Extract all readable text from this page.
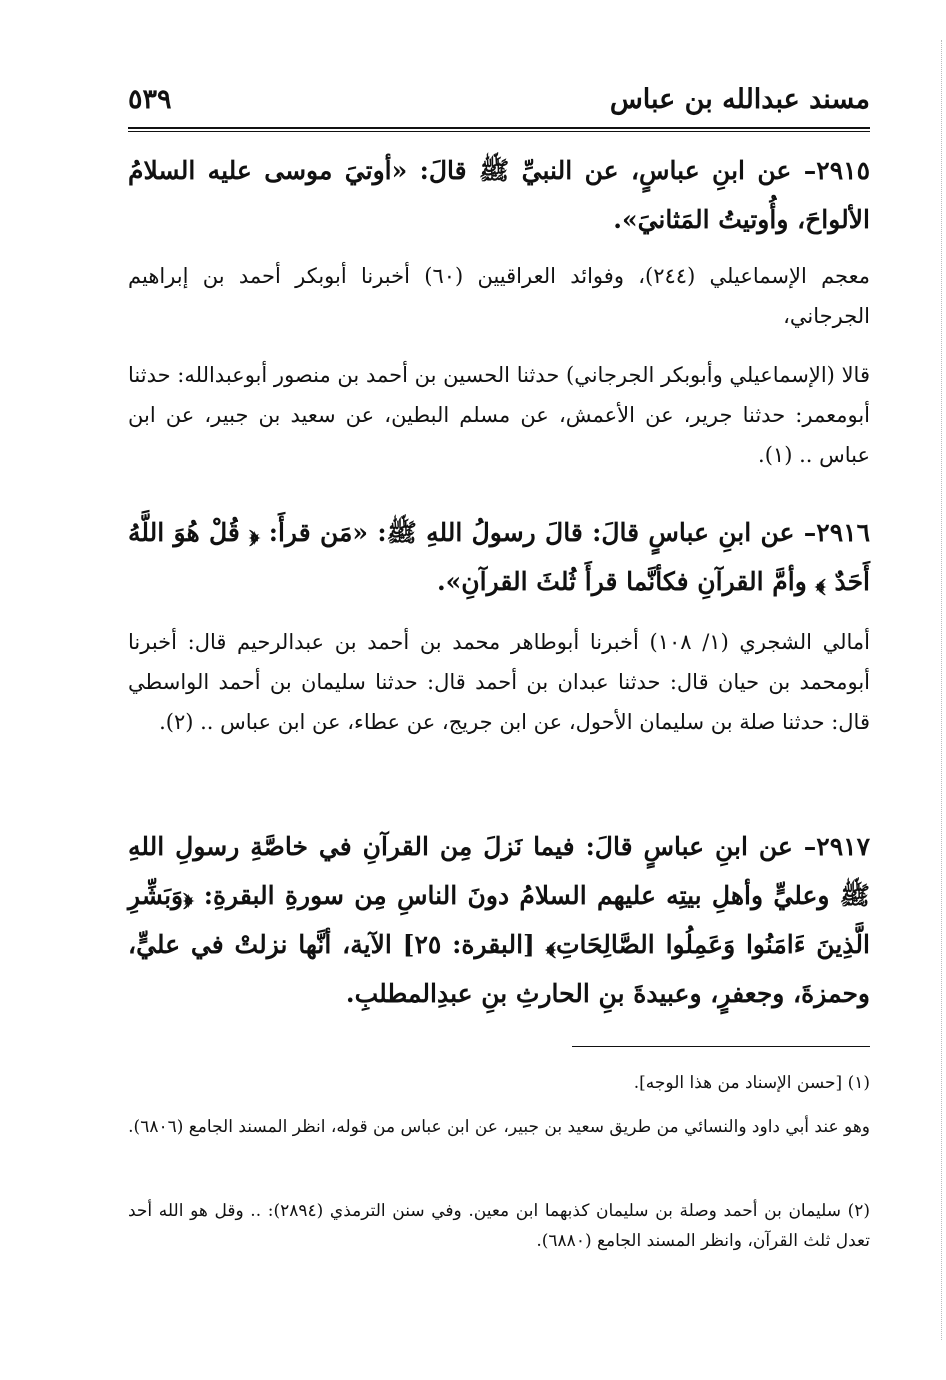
مسند عبدالله بن عباس
٥٣٩
٢٩١٥– عن ابنِ عباسٍ، عن النبيِّ ﷺ قالَ: «أوتيَ موسى عليه السلامُ الألواحَ، وأُوتيتُ المَثانيَ».
معجم الإسماعيلي (٢٤٤)، وفوائد العراقيين (٦٠) أخبرنا أبوبكر أحمد بن إبراهيم الجرجاني،
قالا (الإسماعيلي وأبوبكر الجرجاني) حدثنا الحسين بن أحمد بن منصور أبوعبدالله: حدثنا أبومعمر: حدثنا جرير، عن الأعمش، عن مسلم البطين، عن سعيد بن جبير، عن ابن عباس .. (١).
٢٩١٦– عن ابنِ عباسٍ قالَ: قالَ رسولُ اللهِ ﷺ: «مَن قرأَ: ﴿ قُلْ هُوَ اللَّهُ أَحَدٌ ﴾ وأمَّ القرآنِ فكأنَّما قرأَ ثُلثَ القرآنِ».
أمالي الشجري (١/ ١٠٨) أخبرنا أبوطاهر محمد بن أحمد بن عبدالرحيم قال: أخبرنا أبومحمد بن حيان قال: حدثنا عبدان بن أحمد قال: حدثنا سليمان بن أحمد الواسطي قال: حدثنا صلة بن سليمان الأحول، عن ابن جريج، عن عطاء، عن ابن عباس .. (٢).
٢٩١٧– عن ابنِ عباسٍ قالَ: فيما نَزلَ مِن القرآنِ في خاصَّةِ رسولِ اللهِ ﷺ وعليٍّ وأهلِ بيتِه عليهم السلامُ دونَ الناسِ مِن سورةِ البقرةِ: ﴿وَبَشِّرِ الَّذِينَ ءَامَنُوا وَعَمِلُوا الصَّالِحَاتِ﴾ [البقرة: ٢٥] الآية، أنَّها نزلتْ في عليٍّ، وحمزةَ، وجعفرٍ، وعبيدةَ بنِ الحارثِ بنِ عبدِالمطلبِ.
(١) [حسن الإسناد من هذا الوجه].
وهو عند أبي داود والنسائي من طريق سعيد بن جبير، عن ابن عباس من قوله، انظر المسند الجامع (٦٨٠٦).
(٢) سليمان بن أحمد وصلة بن سليمان كذبهما ابن معين. وفي سنن الترمذي (٢٨٩٤): .. وقل هو الله أحد تعدل ثلث القرآن، وانظر المسند الجامع (٦٨٨٠).
